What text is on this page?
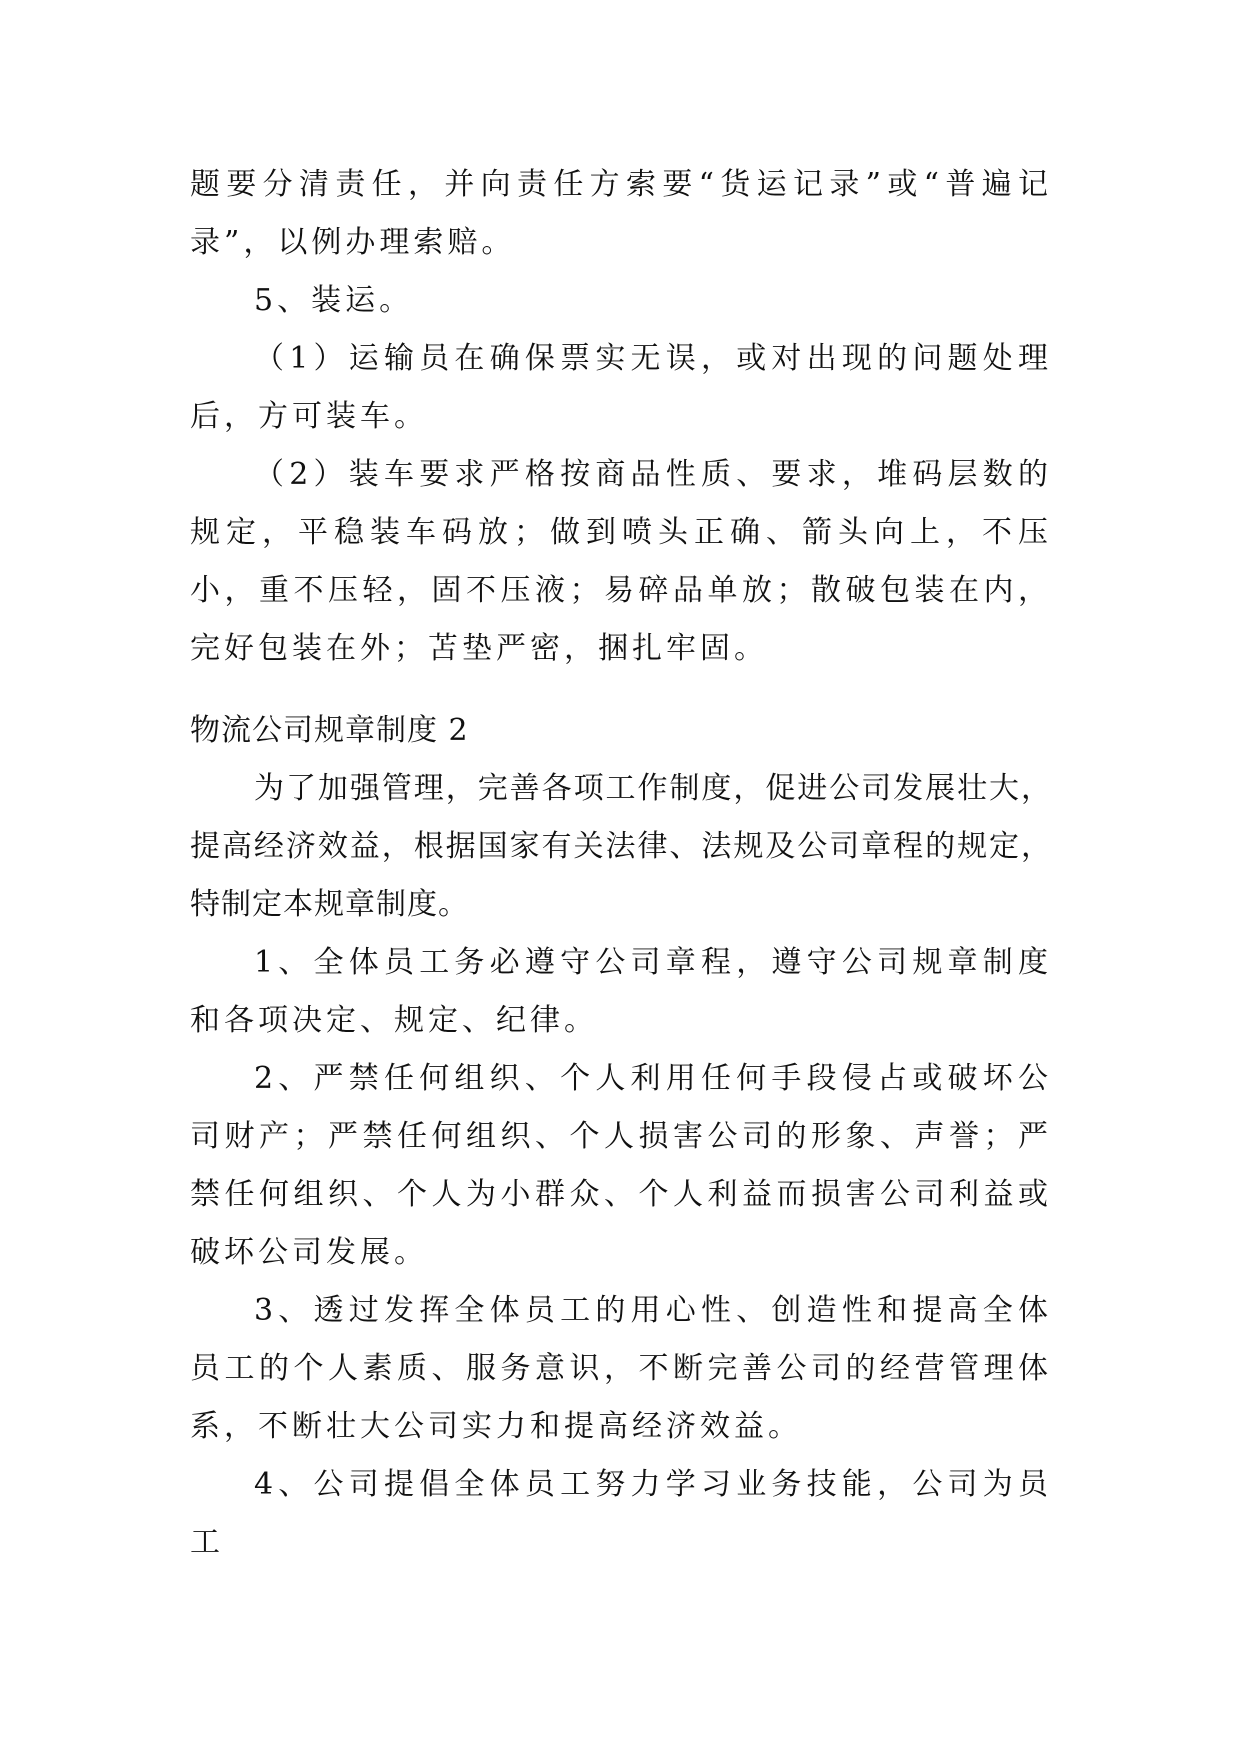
题要分清责任，并向责任方索要“货运记录”或“普遍记录”，以例办理索赔。

5、装运。

（1）运输员在确保票实无误，或对出现的问题处理后，方可装车。

（2）装车要求严格按商品性质、要求，堆码层数的规定，平稳装车码放；做到喷头正确、箭头向上，不压小，重不压轻，固不压液；易碎品单放；散破包装在内，完好包装在外；苫垫严密，捆扎牢固。

物流公司规章制度 2

为了加强管理，完善各项工作制度，促进公司发展壮大，提高经济效益，根据国家有关法律、法规及公司章程的规定，特制定本规章制度。

1、全体员工务必遵守公司章程，遵守公司规章制度和各项决定、规定、纪律。

2、严禁任何组织、个人利用任何手段侵占或破坏公司财产；严禁任何组织、个人损害公司的形象、声誉；严禁任何组织、个人为小群众、个人利益而损害公司利益或破坏公司发展。

3、透过发挥全体员工的用心性、创造性和提高全体员工的个人素质、服务意识，不断完善公司的经营管理体系，不断壮大公司实力和提高经济效益。

4、公司提倡全体员工努力学习业务技能，公司为员工
